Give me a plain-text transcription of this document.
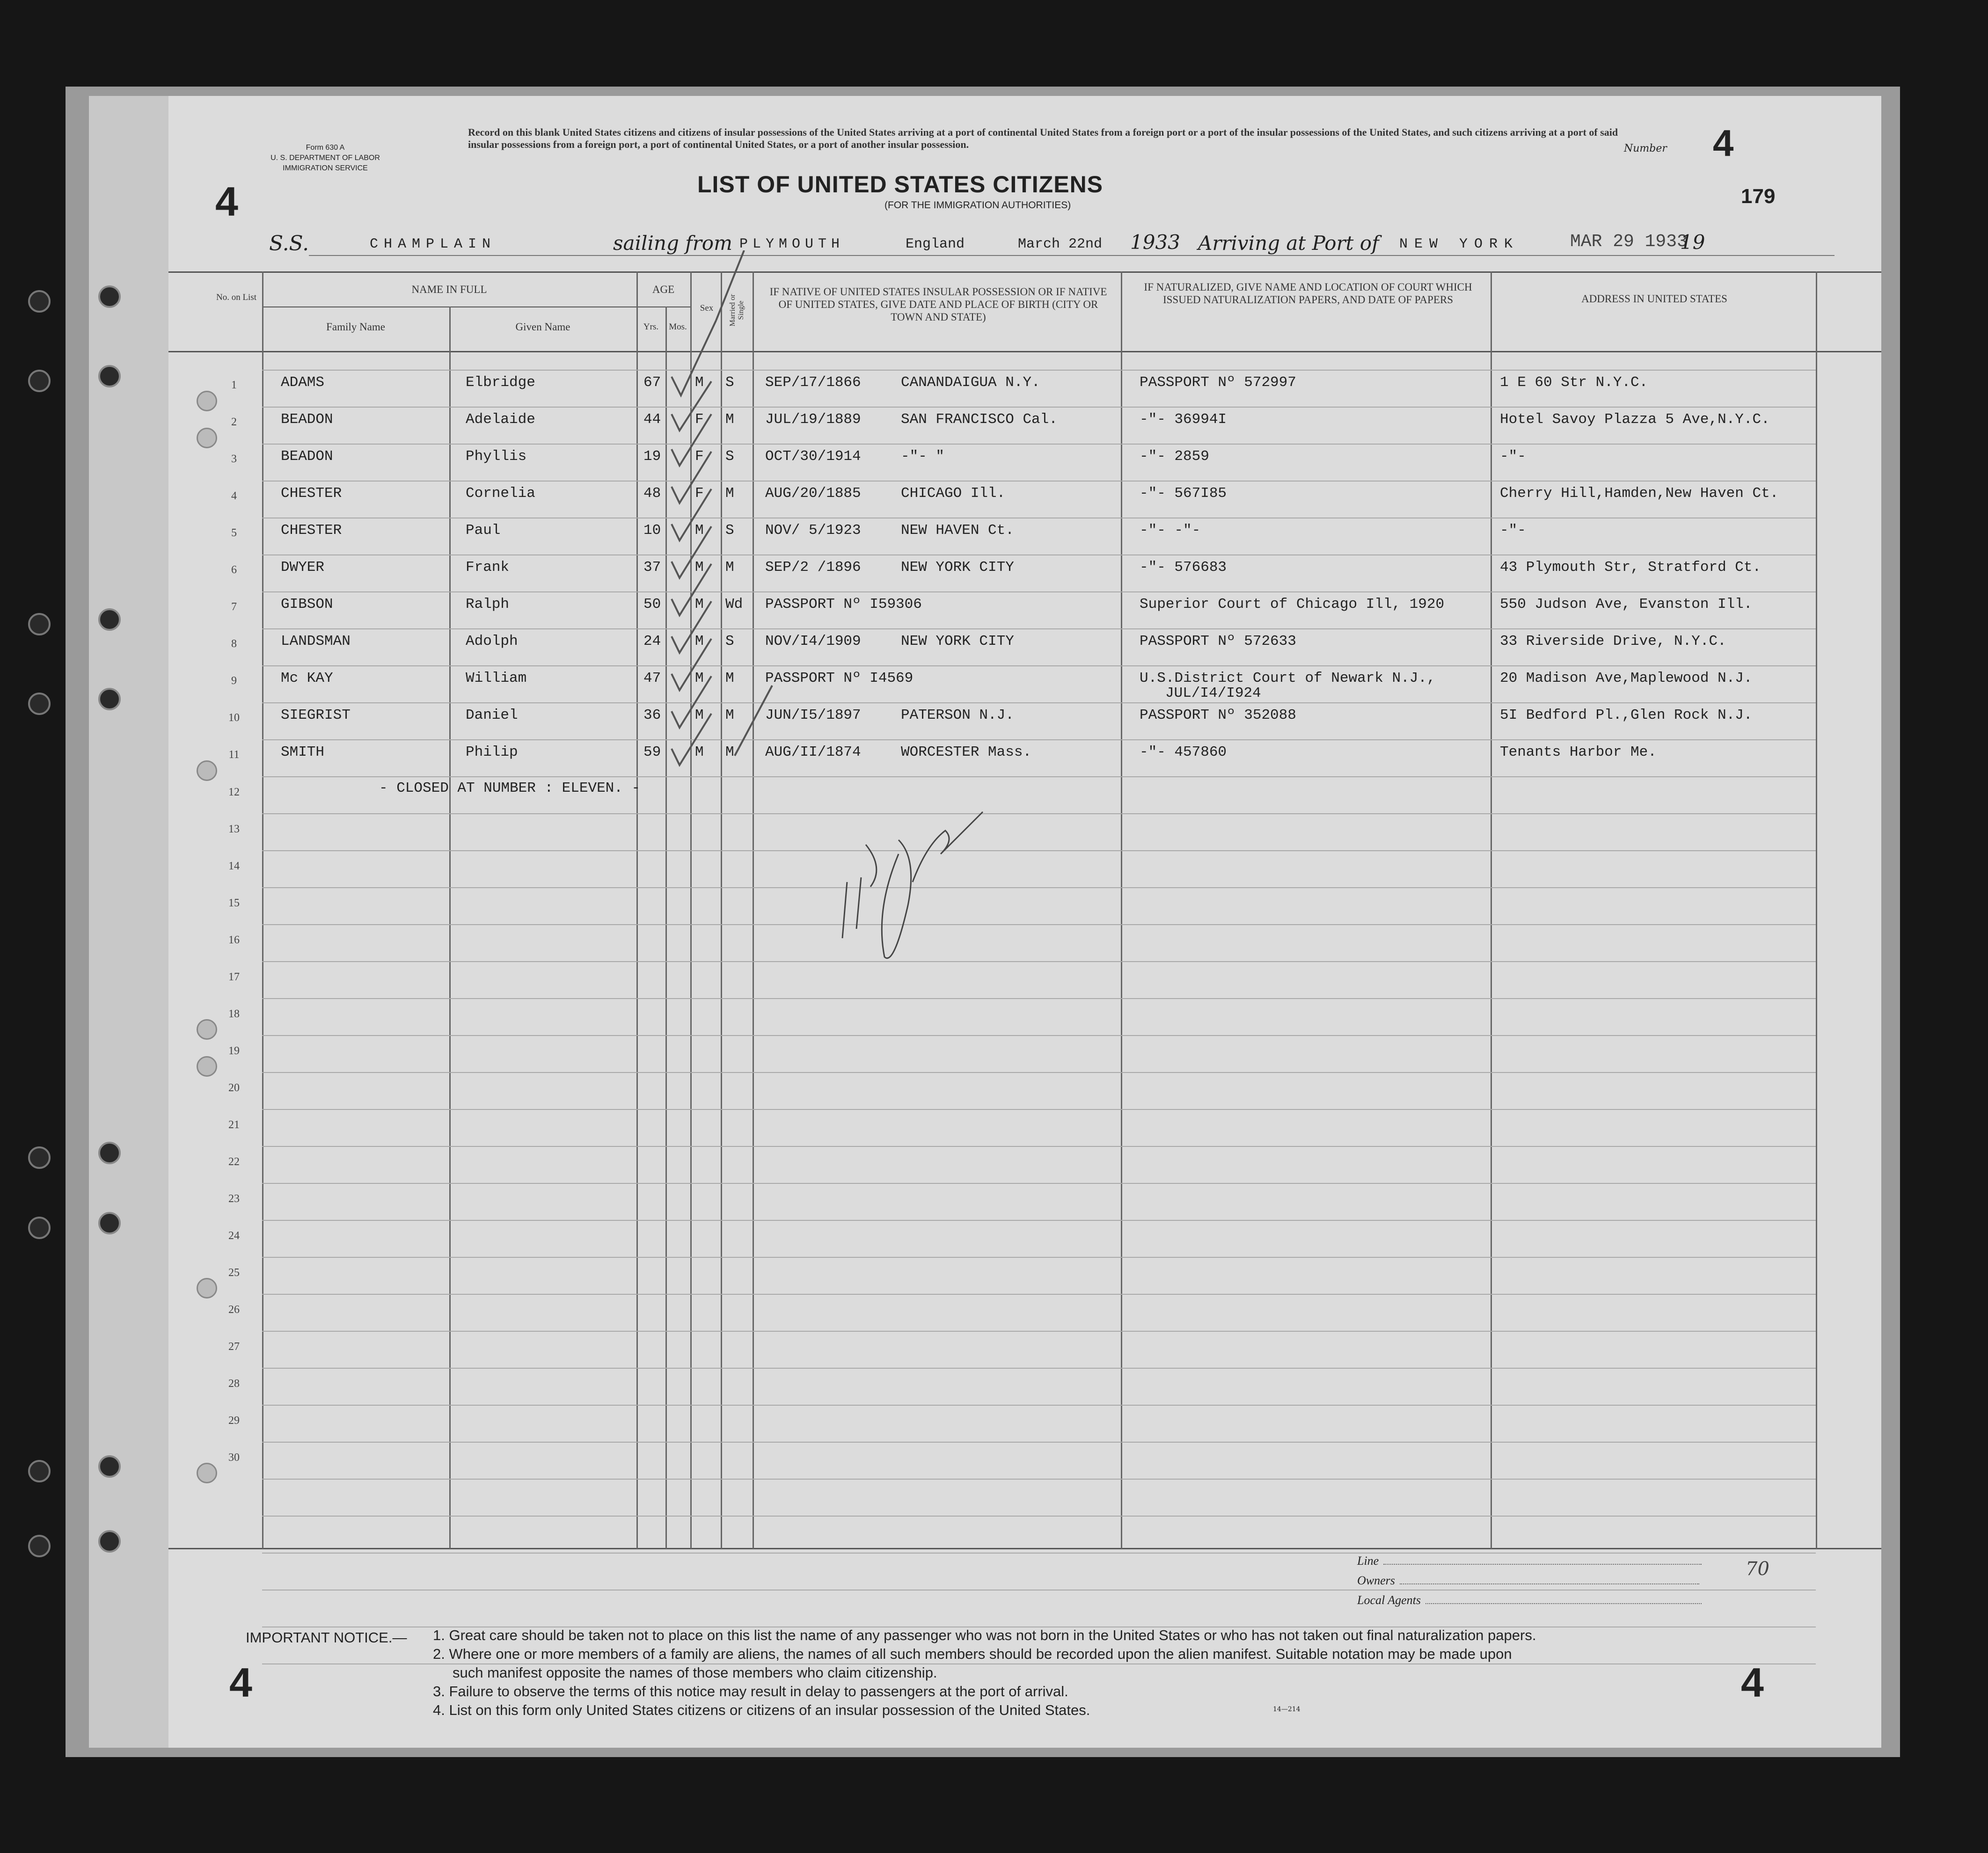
Form 630 A
U. S. DEPARTMENT OF LABOR
IMMIGRATION SERVICE
4
Record on this blank United States citizens and citizens of insular possessions of the United States arriving at a port of continental United States from a foreign port or a port of the insular possessions of the United States, and such citizens arriving at a port of said insular possessions from a foreign port, a port of continental United States, or a port of another insular possession.
LIST OF UNITED STATES CITIZENS
(FOR THE IMMIGRATION AUTHORITIES)
Number 4
179
S.S.	CHAMPLAIN	sailing from PLYMOUTH	England	March 22nd 1933 Arriving at Port of NEW YORK	MAR 29 1933
19
No. on List
NAME IN FULL
Family Name	Given Name
AGE
Yrs.	Mos.
Sex	Married or Single
IF NATIVE OF UNITED STATES INSULAR POSSESSION OR IF NATIVE OF UNITED STATES, GIVE DATE AND PLACE OF BIRTH (CITY OR TOWN AND STATE)
IF NATURALIZED, GIVE NAME AND LOCATION OF COURT WHICH ISSUED NATURALIZATION PAPERS, AND DATE OF PAPERS	ADDRESS IN UNITED STATES
1	ADAMS	Elbridge	67 M S SEP/17/1866	CANANDAIGUA N.Y.	PASSPORT Nº 572997	1 E 60 Str N.Y.C.
2	BEADON	Adelaide	44 F M JUL/19/1889	SAN FRANCISCO Cal.	-"- 36994I	Hotel Savoy Plazza 5 Ave,N.Y.C.
3	BEADON	Phyllis	19 F S OCT/30/1914	-"- "	-"- 2859	-"-
4	CHESTER	Cornelia	48 F M AUG/20/1885	CHICAGO Ill.	-"- 567I85	Cherry Hill,Hamden,New Haven Ct.
5	CHESTER	Paul	10 M S NOV/ 5/1923	NEW HAVEN Ct.	-"- -"-	-"-
6	DWYER	Frank	37 M M SEP/2 /1896	NEW YORK CITY	-"- 576683	43 Plymouth Str, Stratford Ct.
7	GIBSON	Ralph	50 M Wd PASSPORT Nº I59306	Superior Court of Chicago Ill, 1920	550 Judson Ave, Evanston Ill.
8	LANDSMAN	Adolph	24 M S NOV/I4/1909	NEW YORK CITY	PASSPORT Nº 572633	33 Riverside Drive, N.Y.C.
9	Mc KAY	William	47 M M PASSPORT Nº I4569	U.S.District Court of Newark N.J.,	20 Madison Ave,Maplewood N.J.
JUL/I4/I924
10	SIEGRIST	Daniel	36 M M JUN/I5/1897	PATERSON N.J.	PASSPORT Nº 352088	5I Bedford Pl.,Glen Rock N.J.
11	SMITH	Philip	59 M M AUG/II/1874	WORCESTER Mass.	-"- 457860	Tenants Harbor Me.
- CLOSED AT NUMBER : ELEVEN. -
12
13
14
15
16
17
18
19
20
21
22
23
24
25
26
27
28
29
30
70
Line
Owners
Local Agents
IMPORTANT NOTICE.— 1. Great care should be taken not to place on this list the name of any passenger who was not born in the United States or who has not taken out final naturalization papers.
2. Where one or more members of a family are aliens, the names of all such members should be recorded upon the alien manifest. Suitable notation may be made upon
such manifest opposite the names of those members who claim citizenship.
3. Failure to observe the terms of this notice may result in delay to passengers at the port of arrival.
4. List on this form only United States citizens or citizens of an insular possession of the United States.	14—214
4	4
